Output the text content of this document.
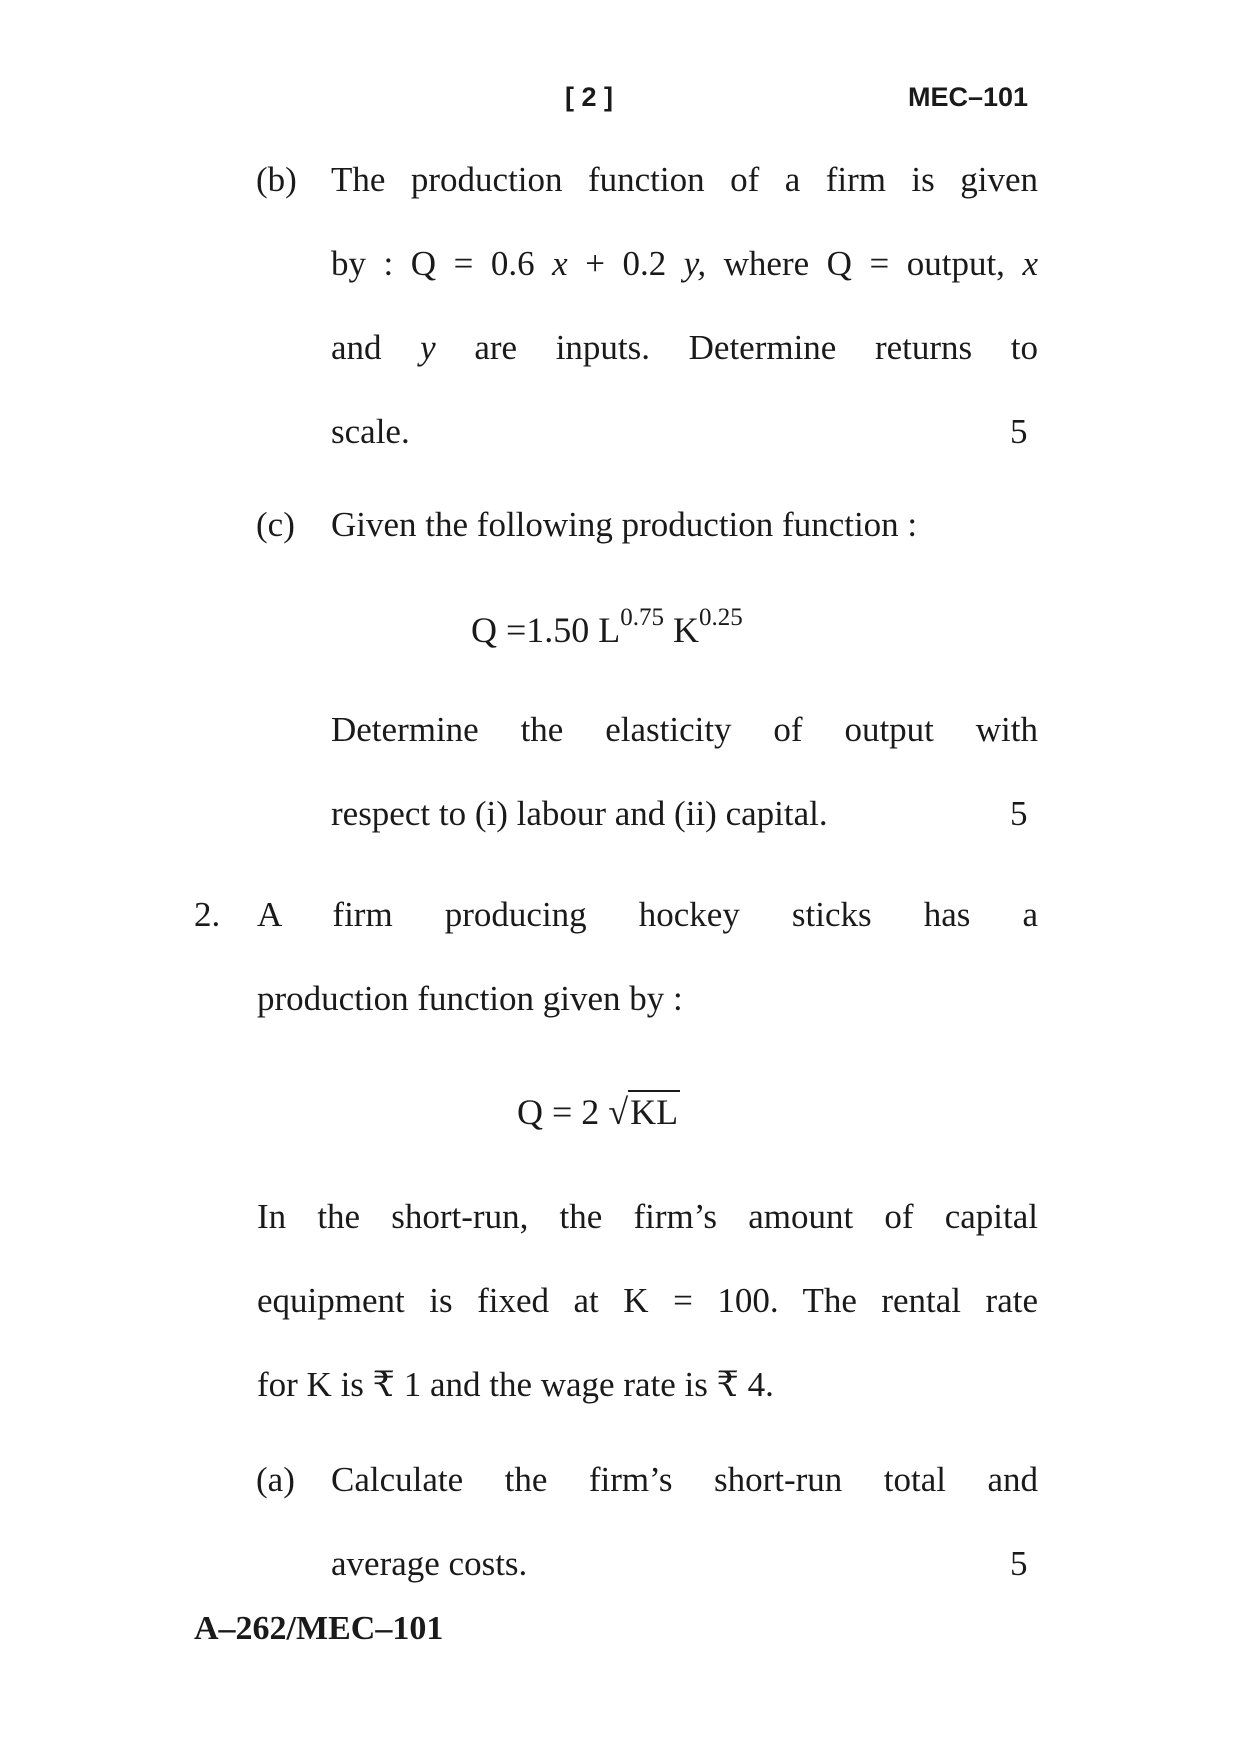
[ 2 ]	MEC–101
(b) The production function of a firm is given
by : Q = 0.6 x + 0.2 y, where Q = output, x
and y are inputs. Determine returns to
scale.	5
(c) Given the following production function :
Q =1.50 $L^{0.75}$ $K^{0.25}$
Determine the elasticity of output with
respect to (i) labour and (ii) capital.	5
2. A firm producing hockey sticks has a
production function given by :
Q = 2 √KL
In the short-run, the firm’s amount of capital
equipment is fixed at K = 100. The rental rate
for K is ₹ 1 and the wage rate is ₹ 4.
(a) Calculate the firm’s short-run total and
average costs.	5
A–262/MEC–101
